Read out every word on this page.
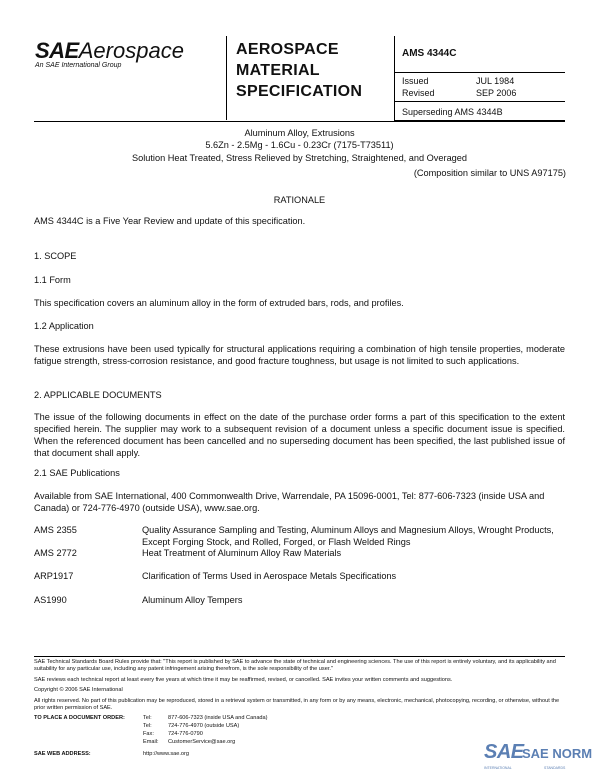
SAEAerospace
An SAE International Group
AEROSPACE
MATERIAL
SPECIFICATION
AMS 4344C
Issued	JUL 1984
Revised	SEP 2006
Superseding AMS 4344B
Aluminum Alloy, Extrusions
5.6Zn - 2.5Mg - 1.6Cu - 0.23Cr (7175-T73511)
Solution Heat Treated, Stress Relieved by Stretching, Straightened, and Overaged
(Composition similar to UNS A97175)
RATIONALE
AMS 4344C is a Five Year Review and update of this specification.
1. SCOPE
1.1 Form
This specification covers an aluminum alloy in the form of extruded bars, rods, and profiles.
1.2 Application
These extrusions have been used typically for structural applications requiring a combination of high tensile properties, moderate fatigue strength, stress-corrosion resistance, and good fracture toughness, but usage is not limited to such applications.
2. APPLICABLE DOCUMENTS
The issue of the following documents in effect on the date of the purchase order forms a part of this specification to the extent specified herein. The supplier may work to a subsequent revision of a document unless a specific document issue is specified. When the referenced document has been cancelled and no superseding document has been specified, the last published issue of that document shall apply.
2.1 SAE Publications
Available from SAE International, 400 Commonwealth Drive, Warrendale, PA 15096-0001, Tel: 877-606-7323 (inside USA and Canada) or 724-776-4970 (outside USA), www.sae.org.
AMS 2355	Quality Assurance Sampling and Testing, Aluminum Alloys and Magnesium Alloys, Wrought Products, Except Forging Stock, and Rolled, Forged, or Flash Welded Rings
AMS 2772	Heat Treatment of Aluminum Alloy Raw Materials
ARP1917	Clarification of Terms Used in Aerospace Metals Specifications
AS1990	Aluminum Alloy Tempers
SAE Technical Standards Board Rules provide that: "This report is published by SAE to advance the state of technical and engineering sciences. The use of this report is entirely voluntary, and its applicability and suitability for any particular use, including any patent infringement arising therefrom, is the sole responsibility of the user."
SAE reviews each technical report at least every five years at which time it may be reaffirmed, revised, or cancelled. SAE invites your written comments and suggestions.
Copyright © 2006 SAE International
All rights reserved. No part of this publication may be reproduced, stored in a retrieval system or transmitted, in any form or by any means, electronic, mechanical, photocopying, recording, or otherwise, without the prior written permission of SAE.
TO PLACE A DOCUMENT ORDER:	Tel:	877-606-7323 (inside USA and Canada)
Tel:	724-776-4970 (outside USA)
Fax:	724-776-0790
Email: CustomerService@sae.org
SAE WEB ADDRESS:	http://www.sae.org	SAE
SAE NORM
INTERNATIONAL	STANDARDS
